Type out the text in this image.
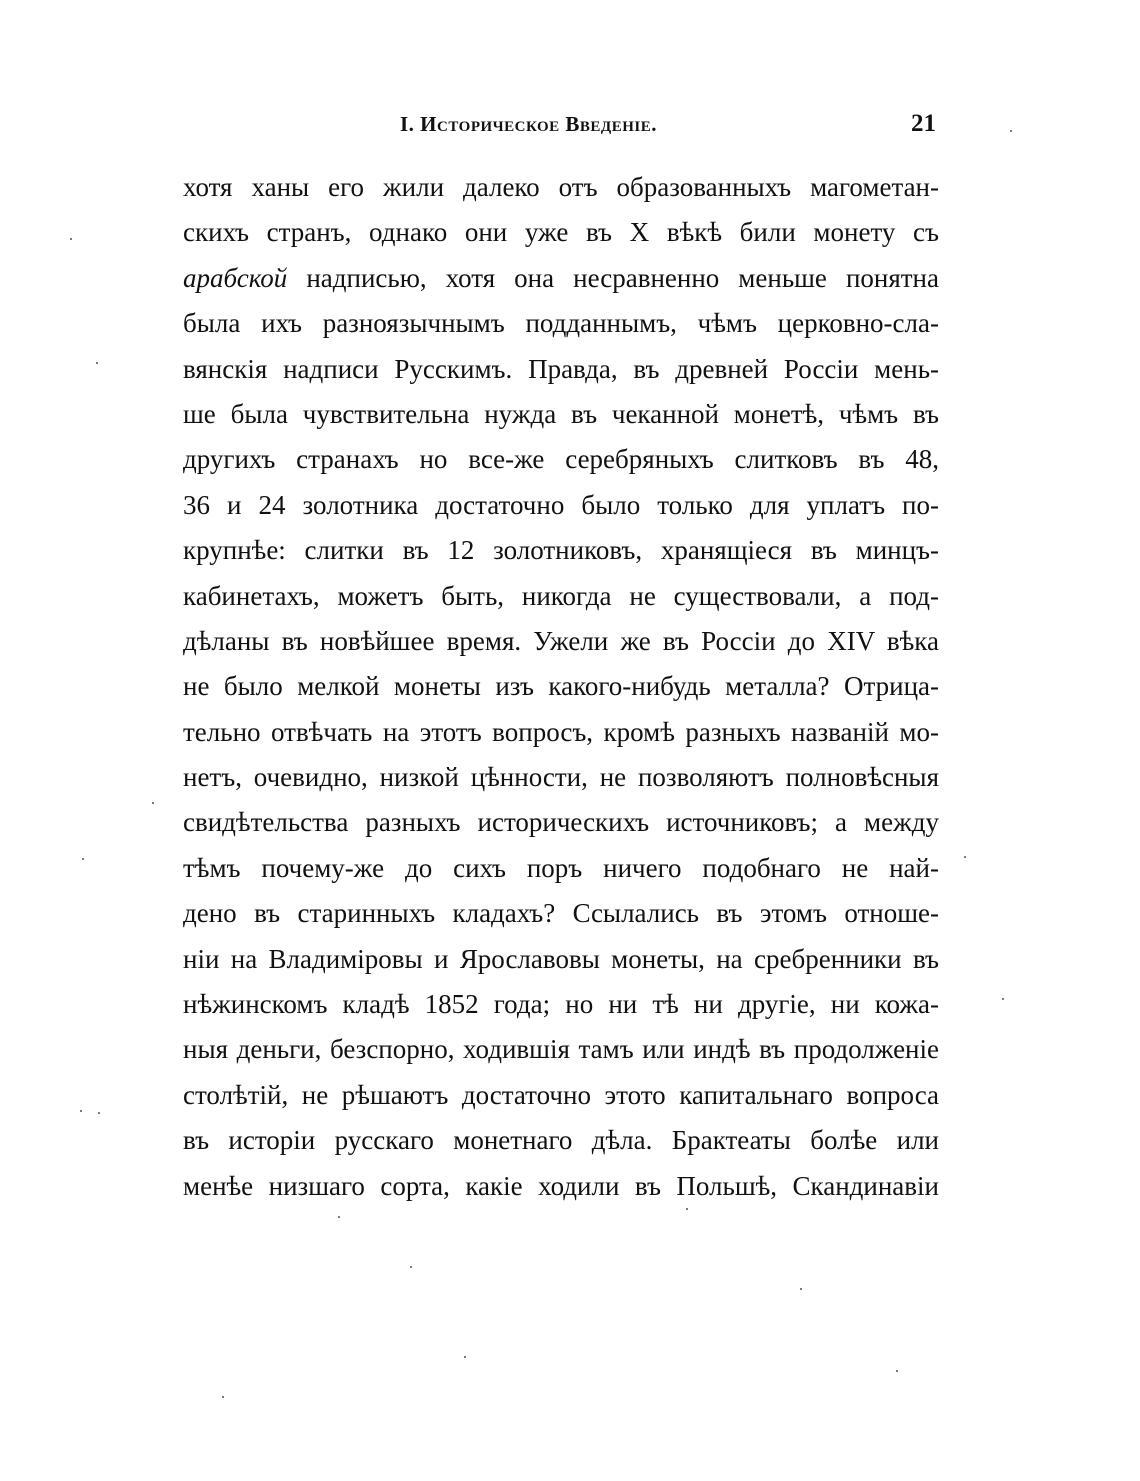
I. Историческое Введеніе.	21
хотя ханы его жили далеко отъ образованныхъ магометан-
скихъ странъ, однако они уже въ X вѣкѣ били монету съ
арабской надписью, хотя она несравненно меньше понятна
была ихъ разноязычнымъ подданнымъ, чѣмъ церковно-сла-
вянскія надписи Русскимъ. Правда, въ древней Россіи мень-
ше была чувствительна нужда въ чеканной монетѣ, чѣмъ въ
другихъ странахъ но все-же серебряныхъ слитковъ въ 48,
36 и 24 золотника достаточно было только для уплатъ по-
крупнѣе: слитки въ 12 золотниковъ, хранящіеся въ минцъ-
кабинетахъ, можетъ быть, никогда не существовали, а под-
дѣланы въ новѣйшее время. Ужели же въ Россіи до XIV вѣка
не было мелкой монеты изъ какого-нибудь металла? Отрица-
тельно отвѣчать на этотъ вопросъ, кромѣ разныхъ названій мо-
нетъ, очевидно, низкой цѣнности, не позволяютъ полновѣсныя
свидѣтельства разныхъ историческихъ источниковъ; а между
тѣмъ почему-же до сихъ поръ ничего подобнаго не най-
дено въ старинныхъ кладахъ? Ссылались въ этомъ отноше-
ніи на Владиміровы и Ярославовы монеты, на сребренники въ
нѣжинскомъ кладѣ 1852 года; но ни тѣ ни другіе, ни кожа-
ныя деньги, безспорно, ходившія тамъ или индѣ въ продолженіе
столѣтій, не рѣшаютъ достаточно этото капитальнаго вопроса
въ исторіи русскаго монетнаго дѣла. Брактеаты болѣе или
менѣе низшаго сорта, какіе ходили въ Польшѣ, Скандинавіи
